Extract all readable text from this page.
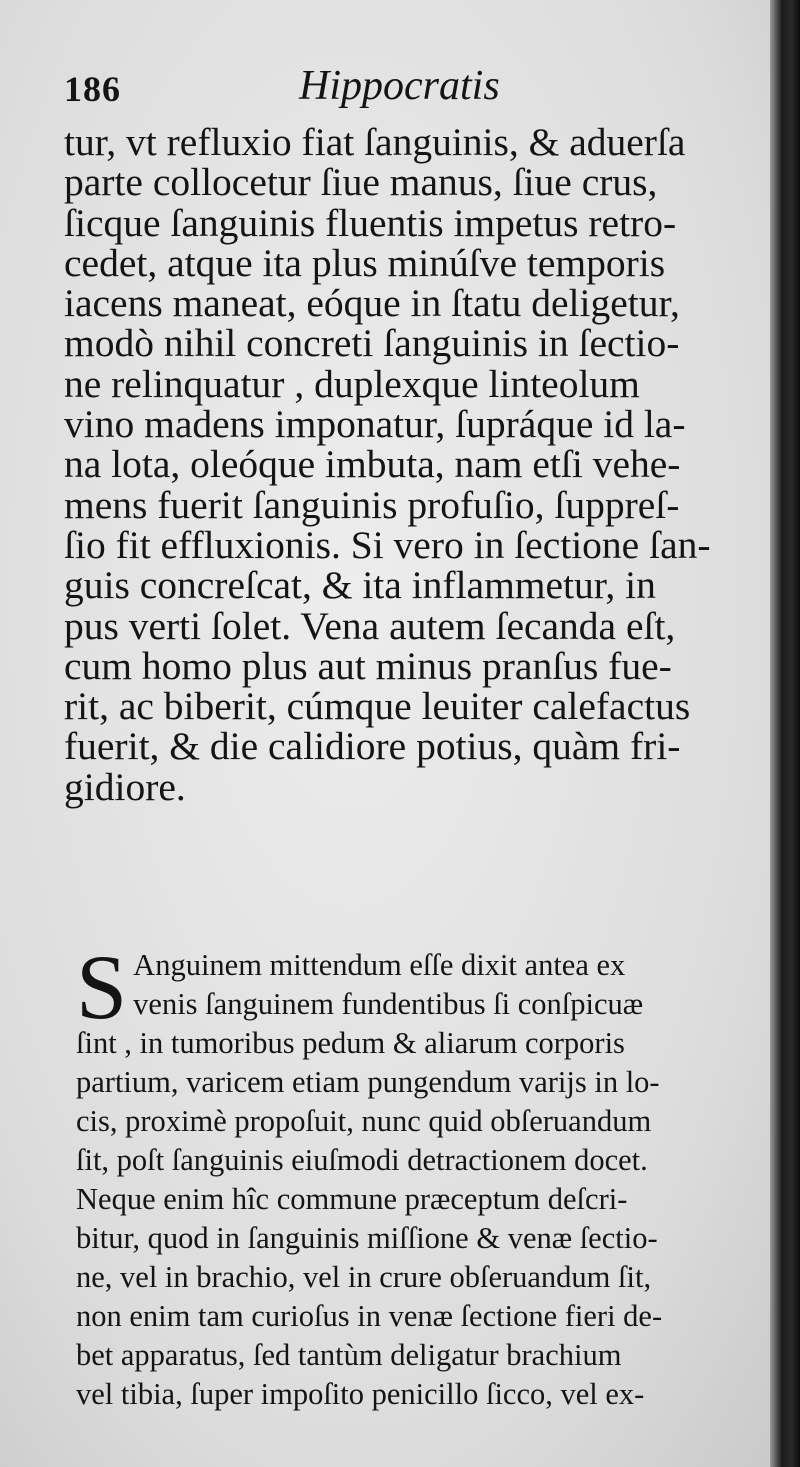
186	Hippocratis
tur, vt refluxio fiat ſanguinis, & aduerſa
parte collocetur ſiue manus, ſiue crus,
ſicque ſanguinis fluentis impetus retro-
cedet, atque ita plus minúſve temporis
iacens maneat, eóque in ſtatu deligetur,
modò nihil concreti ſanguinis in ſectio-
ne relinquatur , duplexque linteolum
vino madens imponatur, ſupráque id la-
na lota, oleóque imbuta, nam etſi vehe-
mens fuerit ſanguinis profuſio, ſuppreſ-
ſio fit effluxionis. Si vero in ſectione ſan-
guis concreſcat, & ita inflammetur, in
pus verti ſolet. Vena autem ſecanda eſt,
cum homo plus aut minus pranſus fue-
rit, ac biberit, cúmque leuiter calefactus
fuerit, & die calidiore potius, quàm fri-
gidiore.
S Anguinem mittendum eſſe dixit antea ex
venis ſanguinem fundentibus ſi conſpicuæ
ſint , in tumoribus pedum & aliarum corporis
partium, varicem etiam pungendum varijs in lo-
cis, proximè propoſuit, nunc quid obſeruandum
ſit, poſt ſanguinis eiuſmodi detractionem docet.
Neque enim hîc commune præceptum deſcri-
bitur, quod in ſanguinis miſſione & venæ ſectio-
ne, vel in brachio, vel in crure obſeruandum ſit,
non enim tam curioſus in venæ ſectione fieri de-
bet apparatus, ſed tantùm deligatur brachium
vel tibia, ſuper impoſito penicillo ſicco, vel ex-
